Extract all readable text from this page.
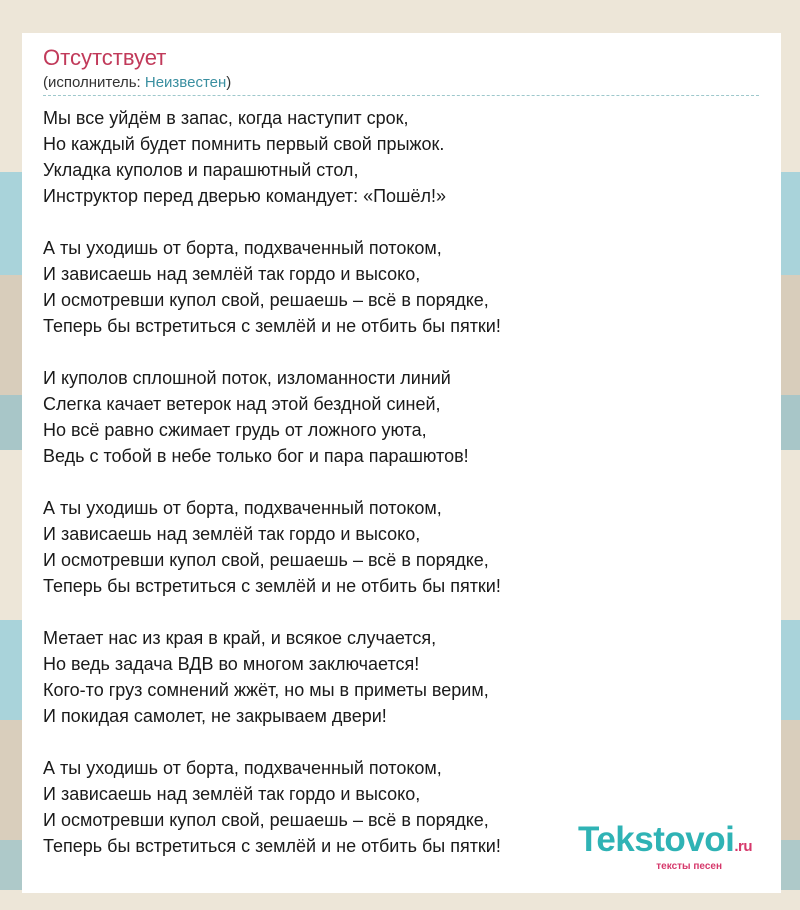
Отсутствует
(исполнитель: Неизвестен)
Мы все уйдём в запас, когда наступит срок,
Но каждый будет помнить первый свой прыжок.
Укладка куполов и парашютный стол,
Инструктор перед дверью командует: «Пошёл!»
А ты уходишь от борта, подхваченный потоком,
И зависаешь над землёй так гордо и высоко,
И осмотревши купол свой, решаешь – всё в порядке,
Теперь бы встретиться с землёй и не отбить бы пятки!
И куполов сплошной поток, изломанности линий
Слегка качает ветерок над этой бездной синей,
Но всё равно сжимает грудь от ложного уюта,
Ведь с тобой в небе только бог и пара парашютов!
А ты уходишь от борта, подхваченный потоком,
И зависаешь над землёй так гордо и высоко,
И осмотревши купол свой, решаешь – всё в порядке,
Теперь бы встретиться с землёй и не отбить бы пятки!
Метает нас из края в край, и всякое случается,
Но ведь задача ВДВ во многом заключается!
Кого-то груз сомнений жжёт, но мы в приметы верим,
И покидая самолет, не закрываем двери!
А ты уходишь от борта, подхваченный потоком,
И зависаешь над землёй так гордо и высоко,
И осмотревши купол свой, решаешь – всё в порядке,
Теперь бы встретиться с землёй и не отбить бы пятки!	Tekstovoi.ru
тексты песен
